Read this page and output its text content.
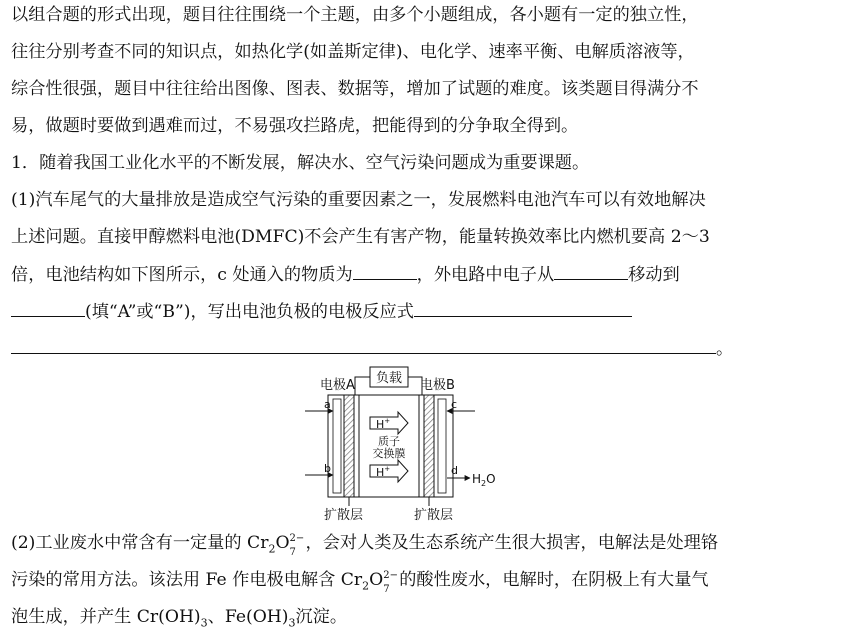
以组合题的形式出现，题目往往围绕一个主题，由多个小题组成，各小题有一定的独立性，
往往分别考查不同的知识点，如热化学(如盖斯定律)、电化学、速率平衡、电解质溶液等，
综合性很强，题目中往往给出图像、图表、数据等，增加了试题的难度。该类题目得满分不
易，做题时要做到遇难而过，不易强攻拦路虎，把能得到的分争取全得到。
1．随着我国工业化水平的不断发展，解决水、空气污染问题成为重要课题。
(1)汽车尾气的大量排放是造成空气污染的重要因素之一，发展燃料电池汽车可以有效地解决
上述问题。直接甲醇燃料电池(DMFC)不会产生有害产物，能量转换效率比内燃机要高 2～3
倍，电池结构如下图所示，c 处通入的物质为	，外电路中电子从	移动到
(填“A”或“B”)，写出电池负极的电极反应式
。
负载
电极A	电极B
a
b
c
d
$H_2O$
H+
H+
质子
交换膜
扩散层	扩散层
(2)工业废水中常含有一定量的 $Cr_2O$ 2−
7 ，会对人类及生态系统产生很大损害，电解法是处理铬
污染的常用方法。该法用 Fe 作电极电解含 $Cr_2O$ 2−
7 的酸性废水，电解时，在阴极上有大量气
泡生成，并产生 $Cr(OH)_3$、$Fe(OH)_3$沉淀。
